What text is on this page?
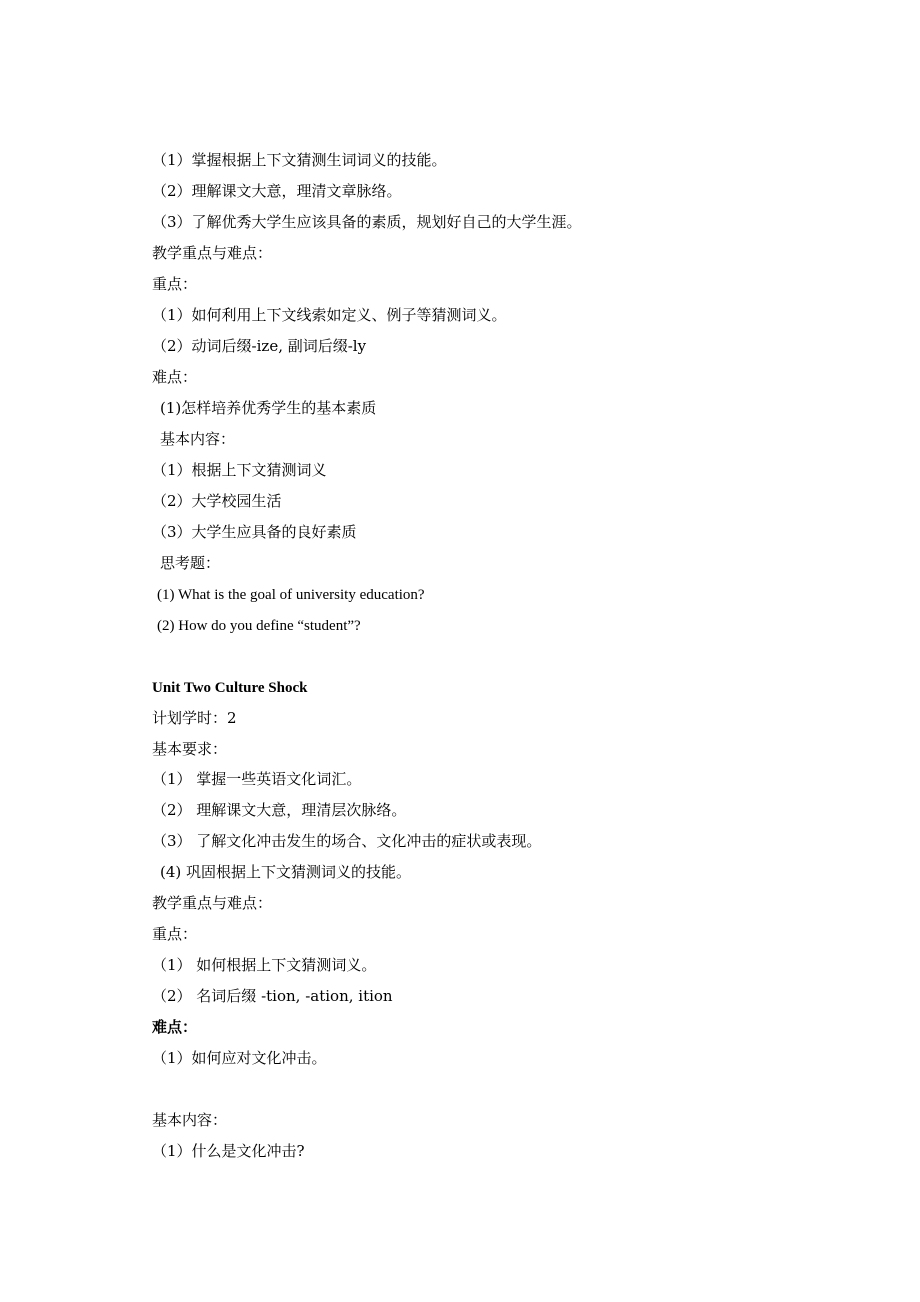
（1）掌握根据上下文猜测生词词义的技能。
（2）理解课文大意，理清文章脉络。
（3）了解优秀大学生应该具备的素质，规划好自己的大学生涯。
教学重点与难点：
重点：
（1）如何利用上下文线索如定义、例子等猜测词义。
（2）动词后缀-ize, 副词后缀-ly
难点：
(1)怎样培养优秀学生的基本素质
基本内容：
（1）根据上下文猜测词义
（2）大学校园生活
（3）大学生应具备的良好素质
思考题：
(1) What is the goal of university education?
(2) How do you define “student”?
Unit Two Culture Shock
计划学时：2
基本要求：
（1） 掌握一些英语文化词汇。
（2） 理解课文大意，理清层次脉络。
（3） 了解文化冲击发生的场合、文化冲击的症状或表现。
(4) 巩固根据上下文猜测词义的技能。
教学重点与难点：
重点：
（1） 如何根据上下文猜测词义。
（2） 名词后缀 -tion, -ation, ition
难点：
（1）如何应对文化冲击。
基本内容：
（1）什么是文化冲击?
